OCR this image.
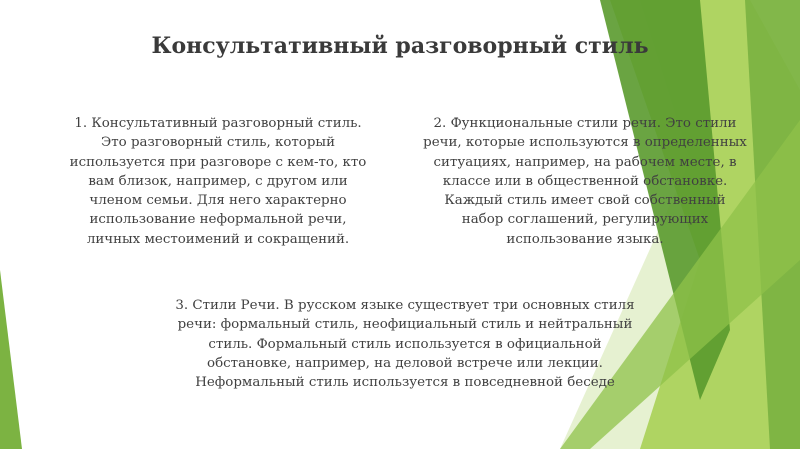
Консультативный разговорный стиль
1. Консультативный разговорный стиль.
Это разговорный стиль, который
используется при разговоре с кем-то, кто
вам близок, например, с другом или
членом семьи. Для него характерно
использование неформальной речи,
личных местоимений и сокращений.
2. Функциональные стили речи. Это стили
речи, которые используются в определенных
ситуациях, например, на рабочем месте, в
классе или в общественной обстановке.
Каждый стиль имеет свой собственный
набор соглашений, регулирующих
использование языка.
3. Стили Речи. В русском языке существует три основных стиля
речи: формальный стиль, неофициальный стиль и нейтральный
стиль. Формальный стиль используется в официальной
обстановке, например, на деловой встрече или лекции.
Неформальный стиль используется в повседневной беседе
